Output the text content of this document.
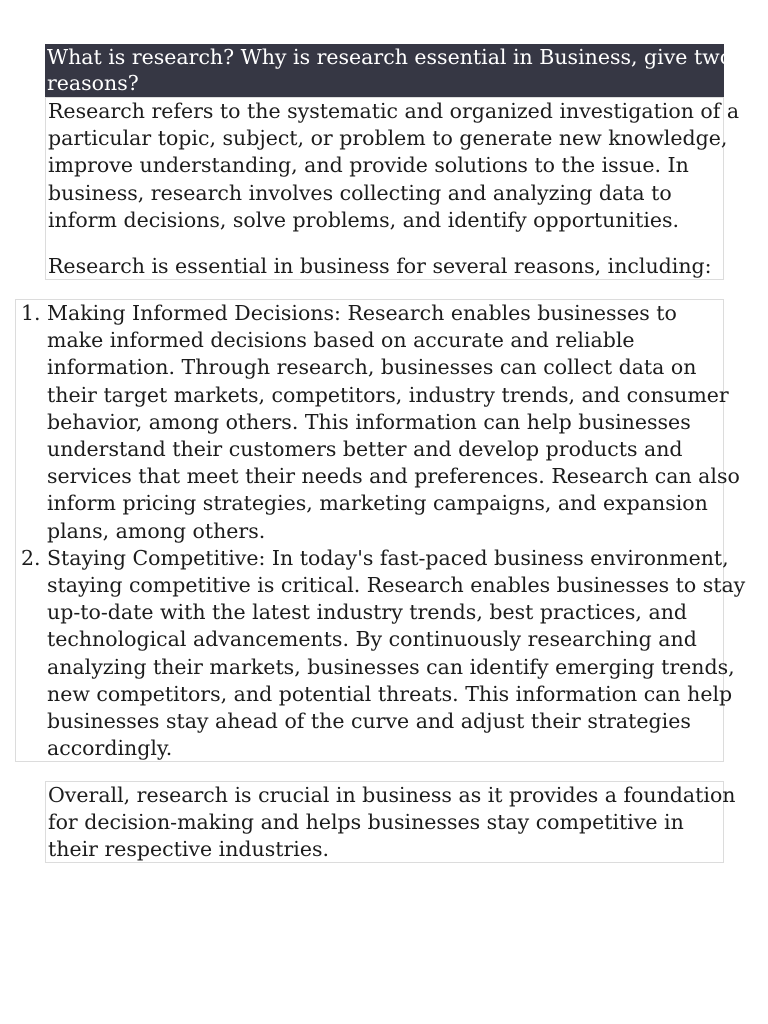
What is research? Why is research essential in Business, give two
reasons?

Research refers to the systematic and organized investigation of a
particular topic, subject, or problem to generate new knowledge,
improve understanding, and provide solutions to the issue. In
business, research involves collecting and analyzing data to
inform decisions, solve problems, and identify opportunities.

Research is essential in business for several reasons, including:

1. Making Informed Decisions: Research enables businesses to
make informed decisions based on accurate and reliable
information. Through research, businesses can collect data on
their target markets, competitors, industry trends, and consumer
behavior, among others. This information can help businesses
understand their customers better and develop products and
services that meet their needs and preferences. Research can also
inform pricing strategies, marketing campaigns, and expansion
plans, among others.
2. Staying Competitive: In today's fast-paced business environment,
staying competitive is critical. Research enables businesses to stay
up-to-date with the latest industry trends, best practices, and
technological advancements. By continuously researching and
analyzing their markets, businesses can identify emerging trends,
new competitors, and potential threats. This information can help
businesses stay ahead of the curve and adjust their strategies
accordingly.

Overall, research is crucial in business as it provides a foundation
for decision-making and helps businesses stay competitive in
their respective industries.
